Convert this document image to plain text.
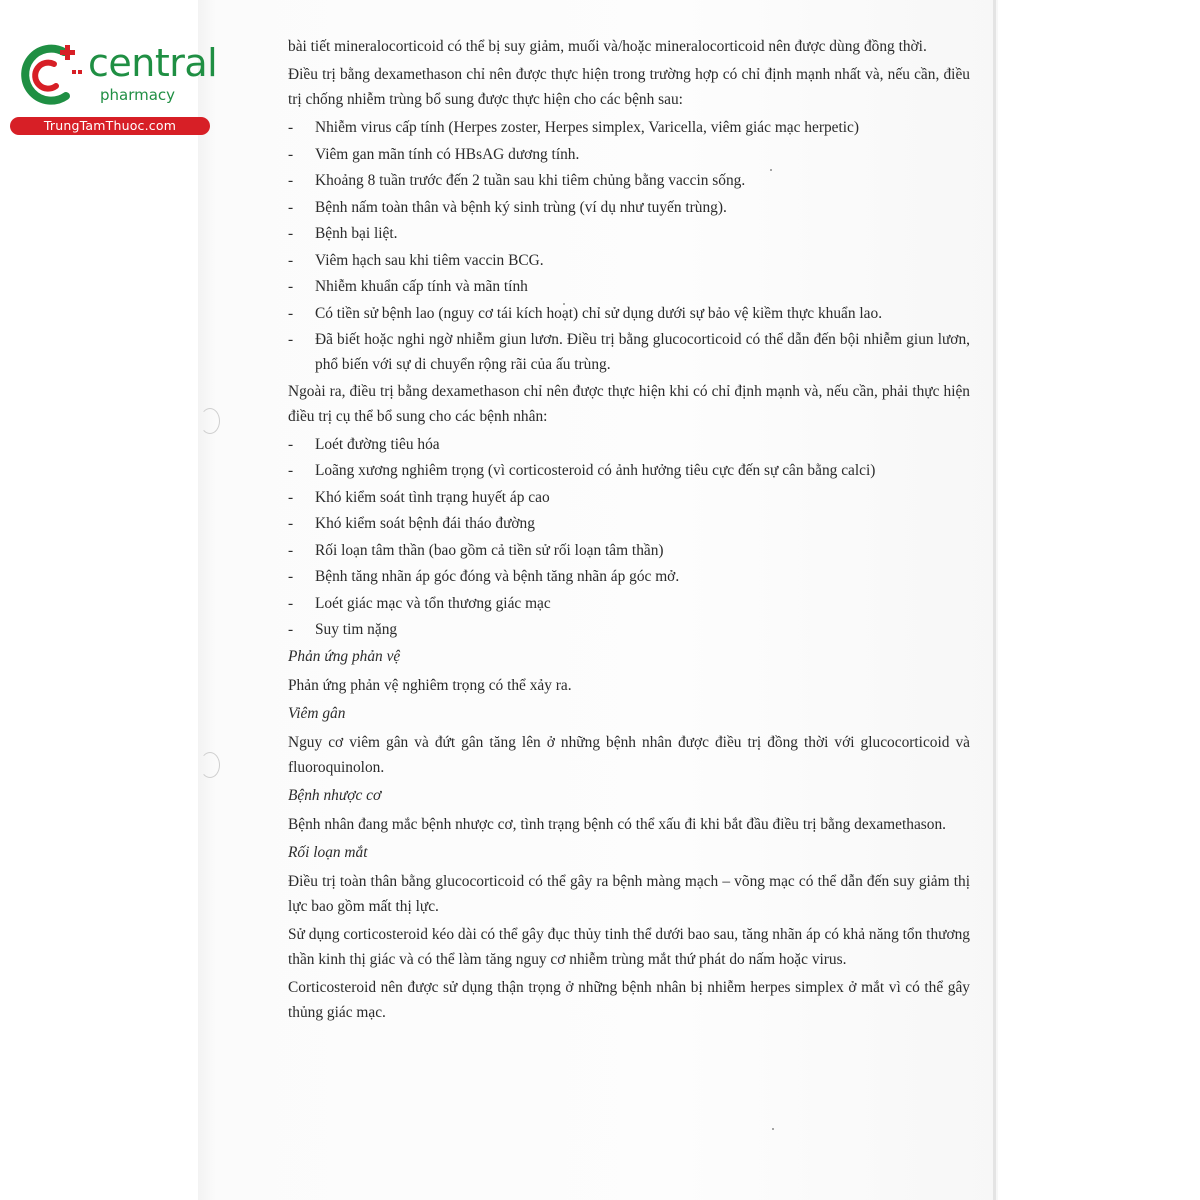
central
pharmacy
TrungTamThuoc.com

bài tiết mineralocorticoid có thể bị suy giảm, muối và/hoặc mineralocorticoid nên được dùng đồng thời.

Điều trị bằng dexamethason chỉ nên được thực hiện trong trường hợp có chỉ định mạnh nhất và, nếu cần, điều trị chống nhiễm trùng bổ sung được thực hiện cho các bệnh sau:

- Nhiễm virus cấp tính (Herpes zoster, Herpes simplex, Varicella, viêm giác mạc herpetic)
- Viêm gan mãn tính có HBsAG dương tính.
- Khoảng 8 tuần trước đến 2 tuần sau khi tiêm chủng bằng vaccin sống.
- Bệnh nấm toàn thân và bệnh ký sinh trùng (ví dụ như tuyến trùng).
- Bệnh bại liệt.
- Viêm hạch sau khi tiêm vaccin BCG.
- Nhiễm khuẩn cấp tính và mãn tính
- Có tiền sử bệnh lao (nguy cơ tái kích hoạt) chỉ sử dụng dưới sự bảo vệ kiềm thực khuẩn lao.
- Đã biết hoặc nghi ngờ nhiễm giun lươn. Điều trị bằng glucocorticoid có thể dẫn đến bội nhiễm giun lươn, phổ biến với sự di chuyển rộng rãi của ấu trùng.

Ngoài ra, điều trị bằng dexamethason chỉ nên được thực hiện khi có chỉ định mạnh và, nếu cần, phải thực hiện điều trị cụ thể bổ sung cho các bệnh nhân:

- Loét đường tiêu hóa
- Loãng xương nghiêm trọng (vì corticosteroid có ảnh hưởng tiêu cực đến sự cân bằng calci)
- Khó kiểm soát tình trạng huyết áp cao
- Khó kiểm soát bệnh đái tháo đường
- Rối loạn tâm thần (bao gồm cả tiền sử rối loạn tâm thần)
- Bệnh tăng nhãn áp góc đóng và bệnh tăng nhãn áp góc mở.
- Loét giác mạc và tổn thương giác mạc
- Suy tim nặng

Phản ứng phản vệ

Phản ứng phản vệ nghiêm trọng có thể xảy ra.

Viêm gân

Nguy cơ viêm gân và đứt gân tăng lên ở những bệnh nhân được điều trị đồng thời với glucocorticoid và fluoroquinolon.

Bệnh nhược cơ

Bệnh nhân đang mắc bệnh nhược cơ, tình trạng bệnh có thể xấu đi khi bắt đầu điều trị bằng dexamethason.

Rối loạn mắt

Điều trị toàn thân bằng glucocorticoid có thể gây ra bệnh màng mạch – võng mạc có thể dẫn đến suy giảm thị lực bao gồm mất thị lực.

Sử dụng corticosteroid kéo dài có thể gây đục thủy tinh thể dưới bao sau, tăng nhãn áp có khả năng tổn thương thần kinh thị giác và có thể làm tăng nguy cơ nhiễm trùng mắt thứ phát do nấm hoặc virus.

Corticosteroid nên được sử dụng thận trọng ở những bệnh nhân bị nhiễm herpes simplex ở mắt vì có thể gây thủng giác mạc.
